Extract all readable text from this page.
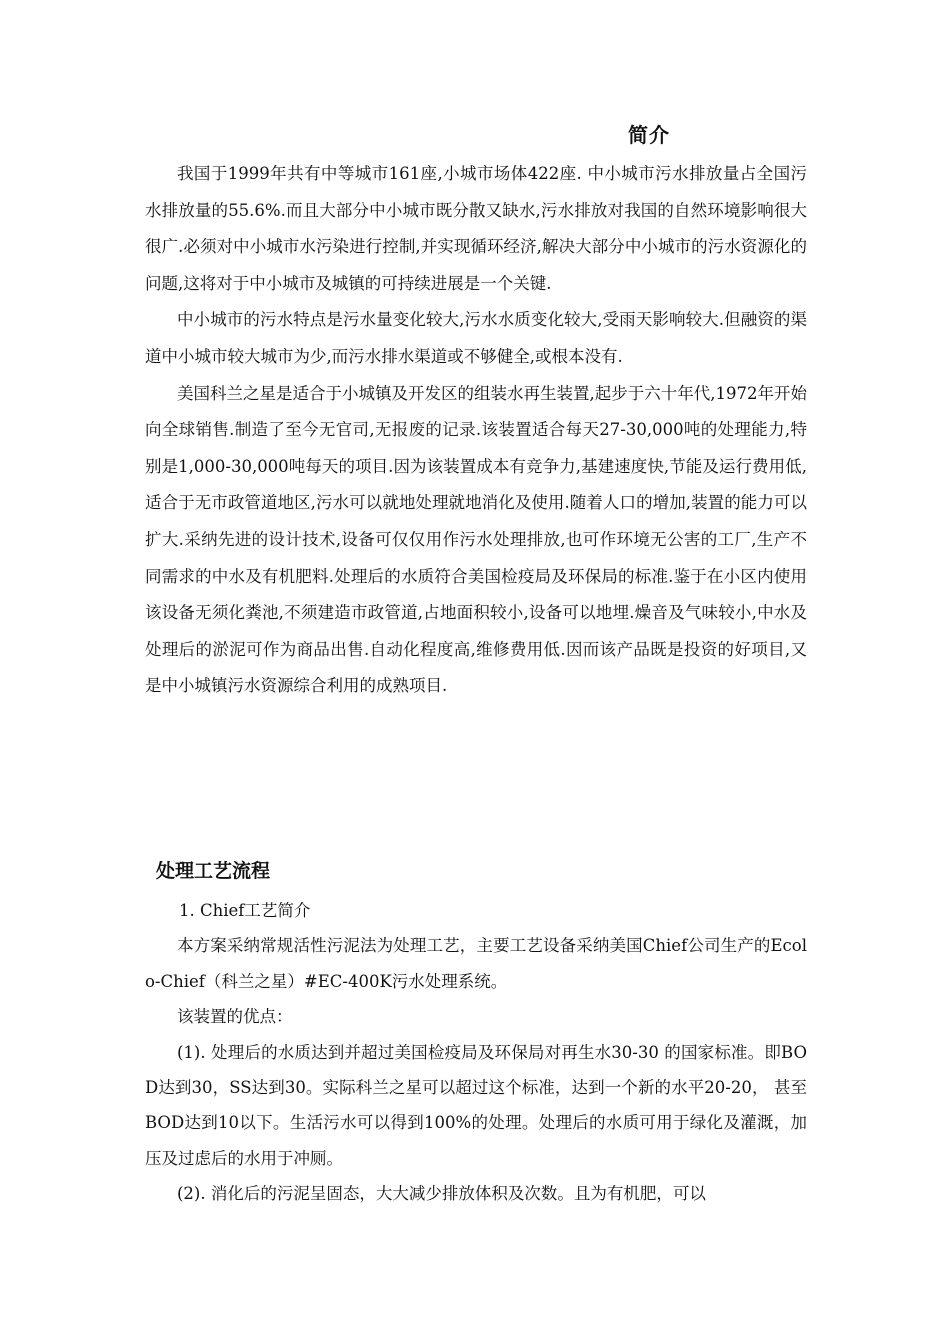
简介

我国于1999年共有中等城市161座,小城市场体422座. 中小城市污水排放量占全国污水排放量的55.6%.而且大部分中小城市既分散又缺水,污水排放对我国的自然环境影响很大很广.必须对中小城市水污染进行控制,并实现循环经济,解决大部分中小城市的污水资源化的问题,这将对于中小城市及城镇的可持续进展是一个关键.

中小城市的污水特点是污水量变化较大,污水水质变化较大,受雨天影响较大.但融资的渠道中小城市较大城市为少,而污水排水渠道或不够健全,或根本没有.

美国科兰之星是适合于小城镇及开发区的组装水再生装置,起步于六十年代,1972年开始向全球销售.制造了至今无官司,无报废的记录.该装置适合每天27-30,000吨的处理能力,特别是1,000-30,000吨每天的项目.因为该装置成本有竞争力,基建速度快,节能及运行费用低,适合于无市政管道地区,污水可以就地处理就地消化及使用.随着人口的增加,装置的能力可以扩大.采纳先进的设计技术,设备可仅仅用作污水处理排放,也可作环境无公害的工厂,生产不同需求的中水及有机肥料.处理后的水质符合美国检疫局及环保局的标准.鉴于在小区内使用该设备无须化粪池,不须建造市政管道,占地面积较小,设备可以地埋.燥音及气味较小,中水及处理后的淤泥可作为商品出售.自动化程度高,维修费用低.因而该产品既是投资的好项目,又是中小城镇污水资源综合利用的成熟项目.

处理工艺流程

1. Chief工艺简介

本方案采纳常规活性污泥法为处理工艺，主要工艺设备采纳美国Chief公司生产的Ecolo-Chief（科兰之星）#EC-400K污水处理系统。

该装置的优点：

(1). 处理后的水质达到并超过美国检疫局及环保局对再生水30-30 的国家标准。即BOD达到30，SS达到30。实际科兰之星可以超过这个标准，达到一个新的水平20-20， 甚至BOD达到10以下。生活污水可以得到100%的处理。处理后的水质可用于绿化及灌溉，加压及过虑后的水用于冲厕。

(2). 消化后的污泥呈固态，大大减少排放体积及次数。且为有机肥，可以
